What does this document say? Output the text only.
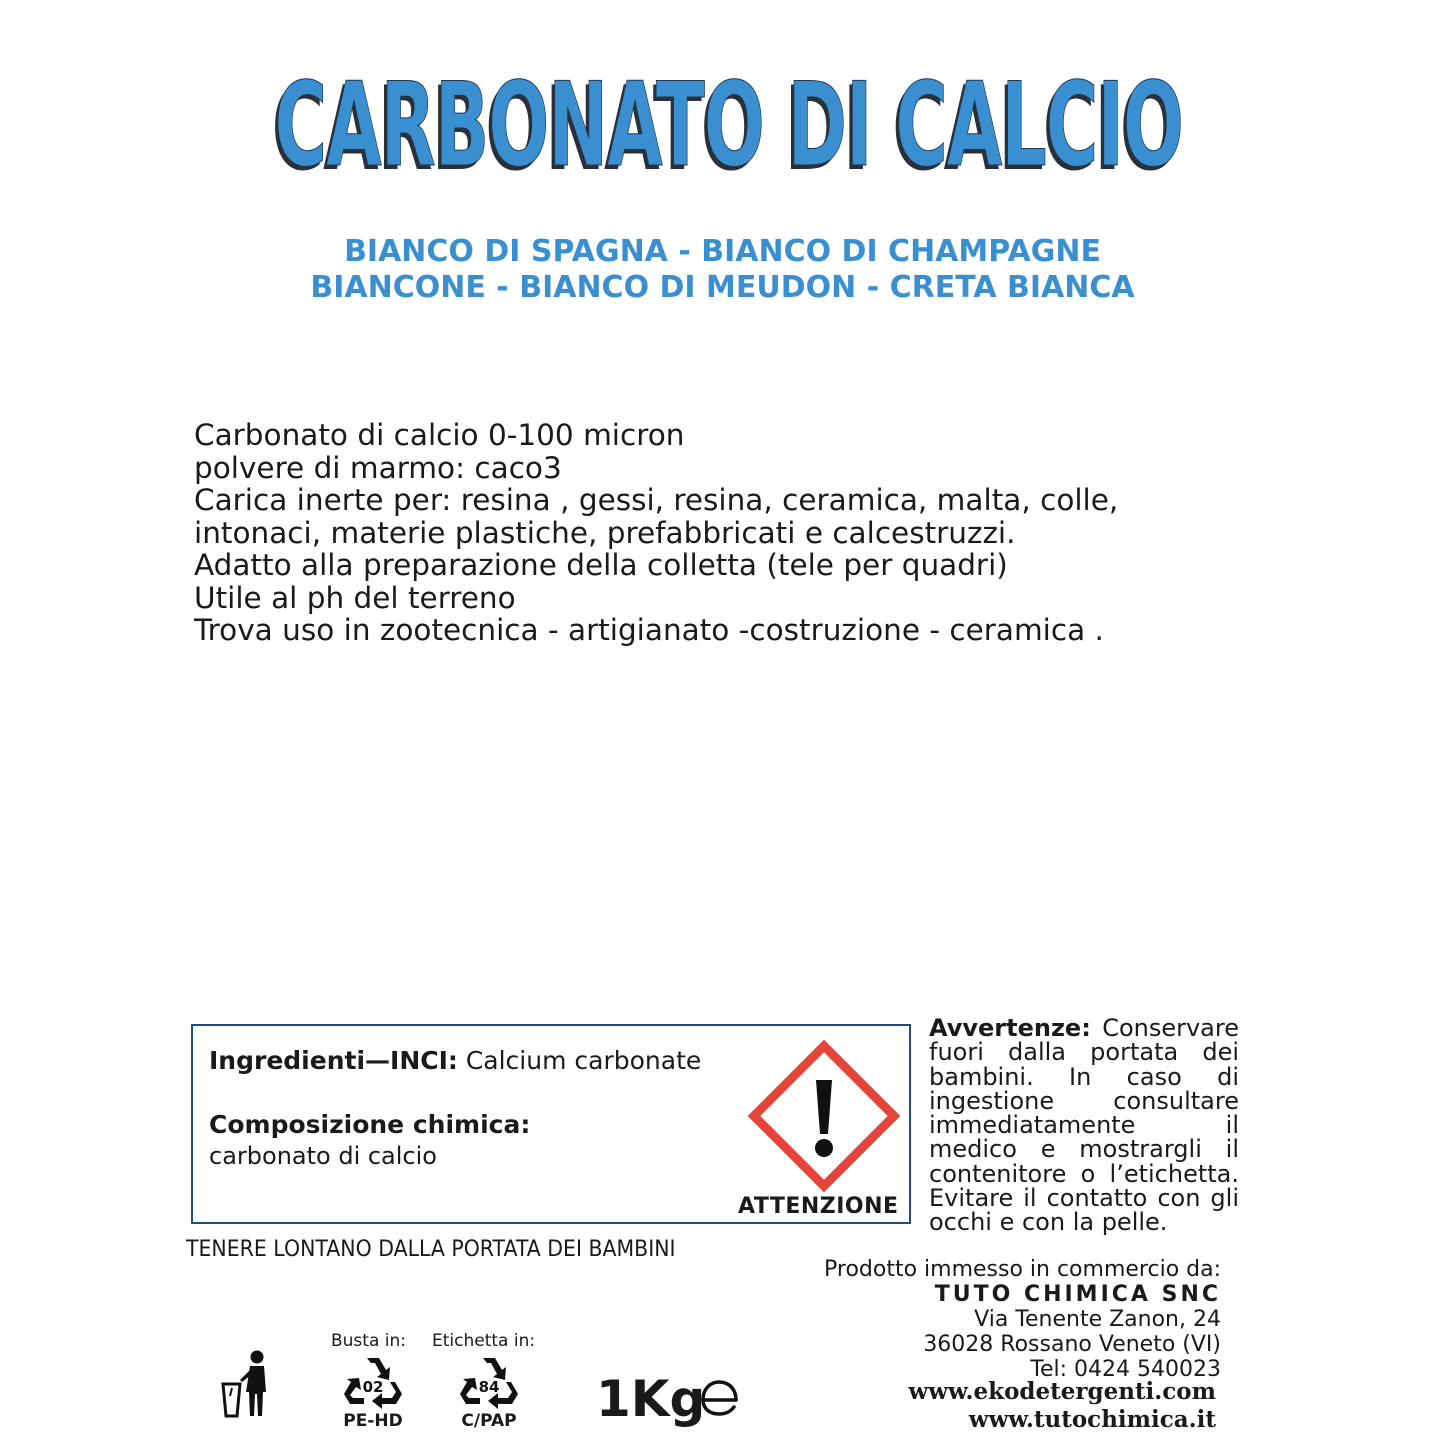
CARBONATO DI CALCIO
BIANCO DI SPAGNA - BIANCO DI CHAMPAGNE
BIANCONE - BIANCO DI MEUDON - CRETA BIANCA
Carbonato di calcio 0-100 micron
polvere di marmo: caco3
Carica inerte per: resina , gessi, resina, ceramica, malta, colle,
intonaci, materie plastiche, prefabbricati e calcestruzzi.
Adatto alla preparazione della colletta (tele per quadri)
Utile al ph del terreno
Trova uso in zootecnica - artigianato -costruzione - ceramica .
Ingredienti—INCI: Calcium carbonate
Composizione chimica:
carbonato di calcio
ATTENZIONE
Avvertenze: Conservare fuori dalla portata dei bambini. In caso di ingestione consultare immediatamente il medico e mostrargli il contenitore o l’etichetta. Evitare il contatto con gli occhi e con la pelle.
TENERE LONTANO DALLA PORTATA DEI BAMBINI
Prodotto immesso in commercio da:
TUTO CHIMICA SNC
Via Tenente Zanon, 24
36028 Rossano Veneto (VI)
Tel: 0424 540023
www.ekodetergenti.com
www.tutochimica.it
Busta in: Etichetta in:
02
PE-HD
84
C/PAP 1Kg
